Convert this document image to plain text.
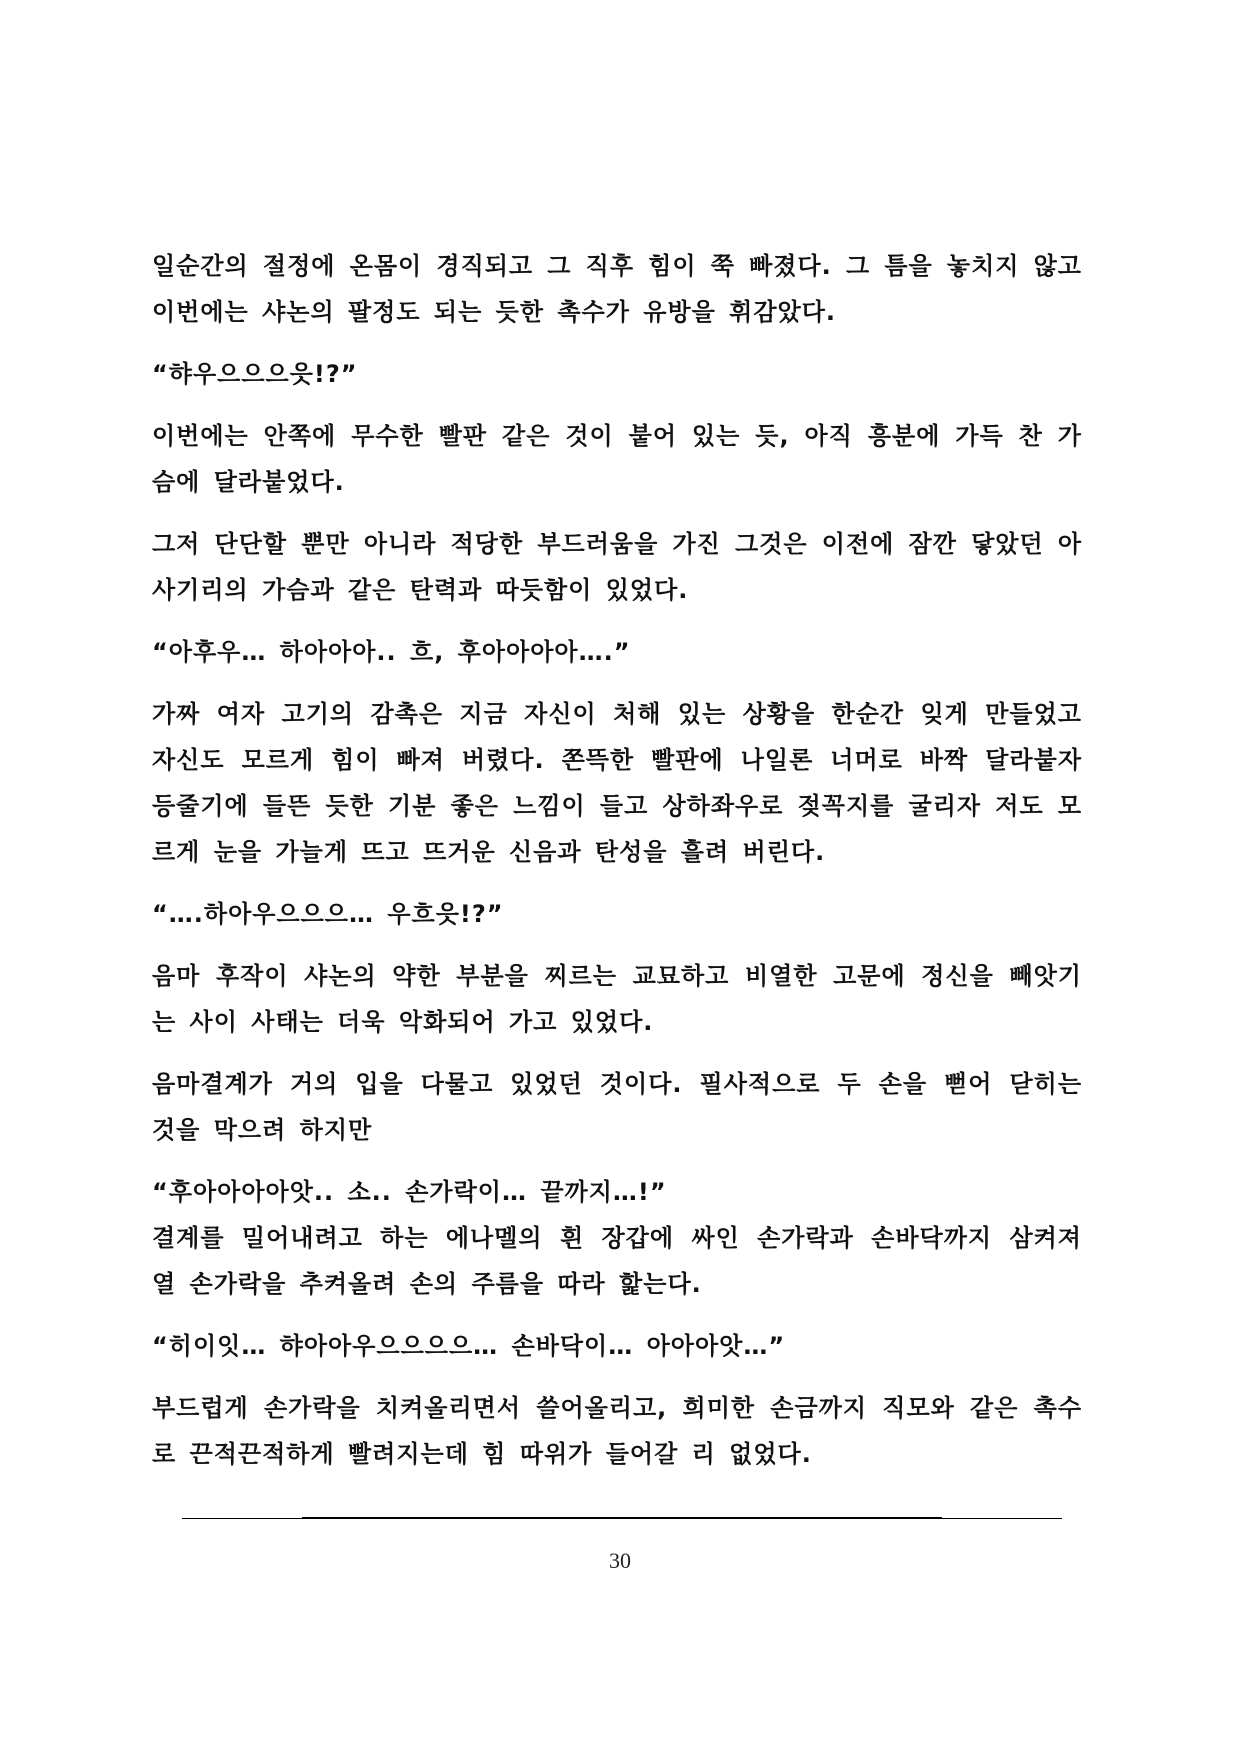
일순간의 절정에 온몸이 경직되고 그 직후 힘이 쭉 빠졌다. 그 틈을 놓치지 않고 이번에는 샤논의 팔정도 되는 듯한 촉수가 유방을 휘감았다.

“햐우으으으읏!?”

이번에는 안쪽에 무수한 빨판 같은 것이 붙어 있는 듯, 아직 흥분에 가득 찬 가슴에 달라붙었다.

그저 단단할 뿐만 아니라 적당한 부드러움을 가진 그것은 이전에 잠깐 닿았던 아사기리의 가슴과 같은 탄력과 따듯함이 있었다.

“아후우… 하아아아.. 흐, 후아아아아….”

가짜 여자 고기의 감촉은 지금 자신이 처해 있는 상황을 한순간 잊게 만들었고 자신도 모르게 힘이 빠져 버렸다. 쫀뜩한 빨판에 나일론 너머로 바짝 달라붙자 등줄기에 들뜬 듯한 기분 좋은 느낌이 들고 상하좌우로 젖꼭지를 굴리자 저도 모르게 눈을 가늘게 뜨고 뜨거운 신음과 탄성을 흘려 버린다.

“….하아우으으으… 우흐읏!?”

음마 후작이 샤논의 약한 부분을 찌르는 교묘하고 비열한 고문에 정신을 빼앗기는 사이 사태는 더욱 악화되어 가고 있었다.

음마결계가 거의 입을 다물고 있었던 것이다. 필사적으로 두 손을 뻗어 닫히는 것을 막으려 하지만

“후아아아아앗.. 소.. 손가락이… 끝까지…!”

결계를 밀어내려고 하는 에나멜의 흰 장갑에 싸인 손가락과 손바닥까지 삼켜져 열 손가락을 추켜올려 손의 주름을 따라 핥는다.

“히이잇… 햐아아우으으으으… 손바닥이… 아아아앗…”

부드럽게 손가락을 치켜올리면서 쓸어올리고, 희미한 손금까지 직모와 같은 촉수로 끈적끈적하게 빨려지는데 힘 따위가 들어갈 리 없었다.

30
